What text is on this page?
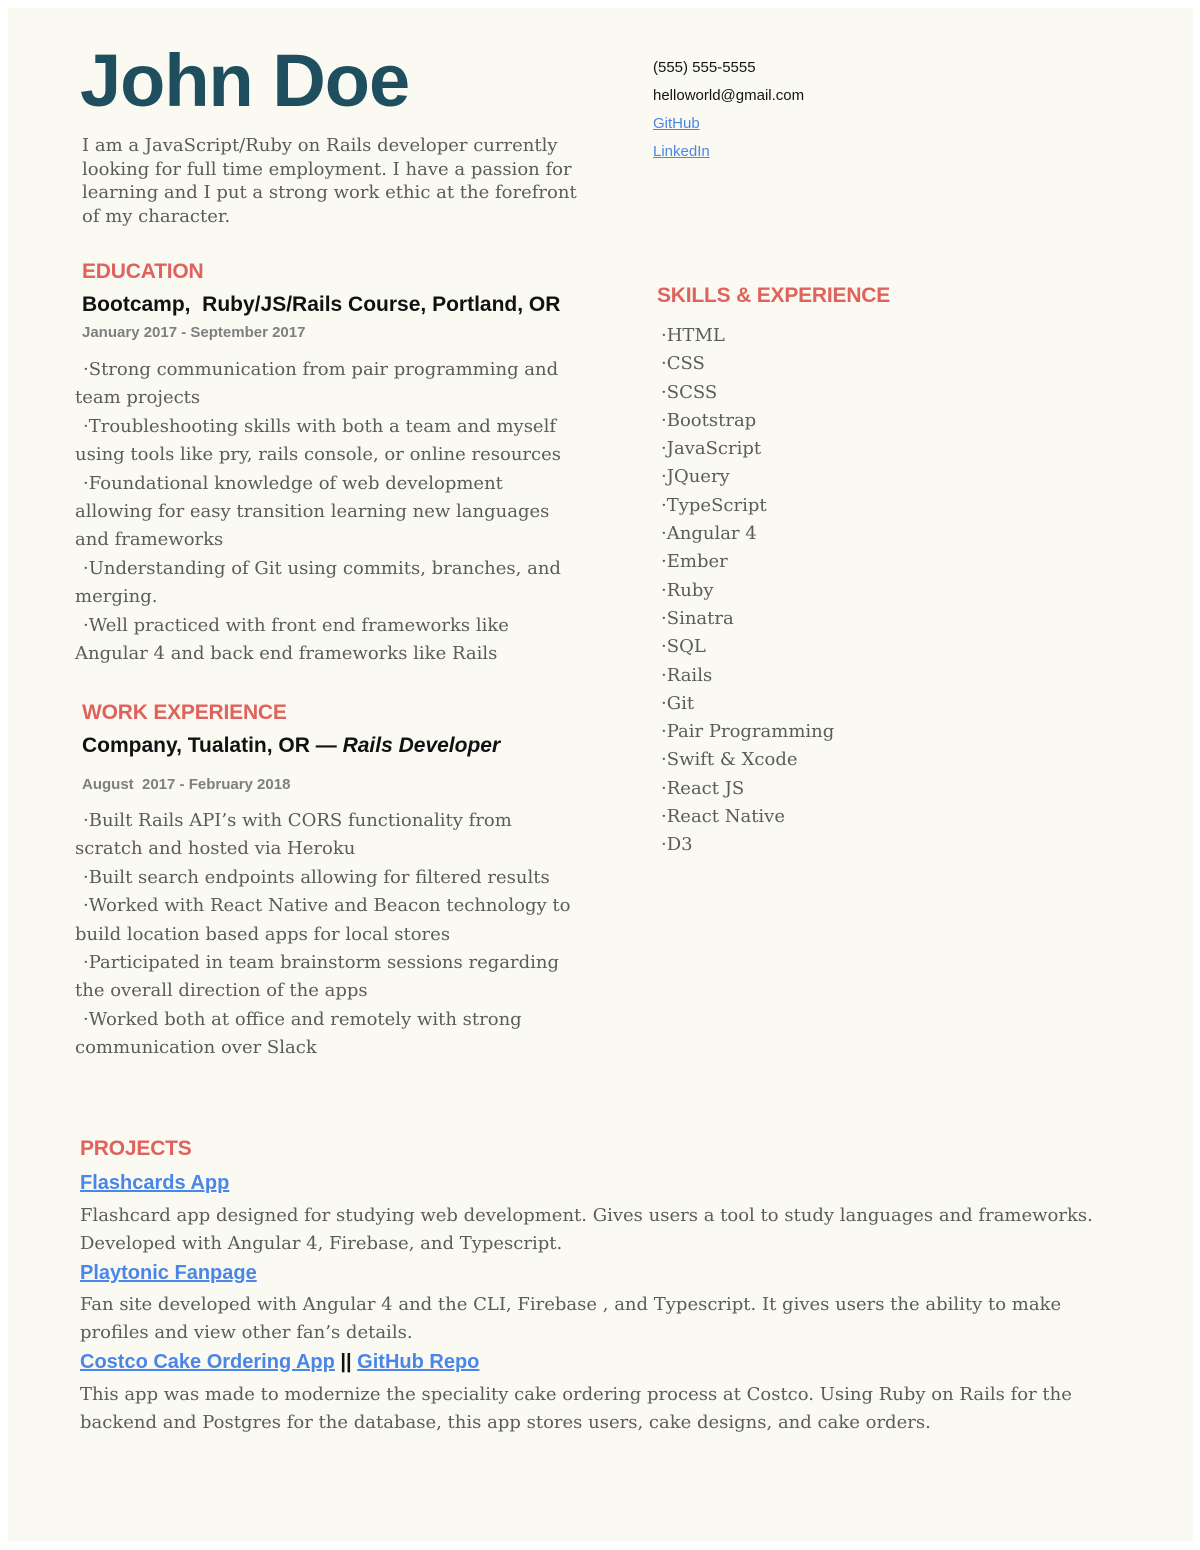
John Doe	(555) 555-5555
helloworld@gmail.com
GitHub
LinkedIn

I am a JavaScript/Ruby on Rails developer currently looking for full time employment. I have a passion for learning and I put a strong work ethic at the forefront of my character.

EDUCATION
Bootcamp,  Ruby/JS/Rails Course, Portland, OR
January 2017 - September 2017
· Strong communication from pair programming and team projects
· Troubleshooting skills with both a team and myself using tools like pry, rails console, or online resources
· Foundational knowledge of web development allowing for easy transition learning new languages and frameworks
· Understanding of Git using commits, branches, and merging.
· Well practiced with front end frameworks like Angular 4 and back end frameworks like Rails
WORK EXPERIENCE
Company, Tualatin, OR — Rails Developer
August  2017 - February 2018
· Built Rails API’s with CORS functionality from scratch and hosted via Heroku
· Built search endpoints allowing for filtered results
· Worked with React Native and Beacon technology to build location based apps for local stores
· Participated in team brainstorm sessions regarding the overall direction of the apps
· Worked both at office and remotely with strong communication over Slack
SKILLS & EXPERIENCE
· HTML
· CSS
· SCSS
· Bootstrap
· JavaScript
· JQuery
· TypeScript
· Angular 4
· Ember
· Ruby
· Sinatra
· SQL
· Rails
· Git
· Pair Programming
· Swift & Xcode
· React JS
· React Native
· D3
PROJECTS
Flashcards App

Flashcard app designed for studying web development. Gives users a tool to study languages and frameworks. Developed with Angular 4, Firebase, and Typescript.

Playtonic Fanpage

Fan site developed with Angular 4 and the CLI, Firebase , and Typescript. It gives users the ability to make profiles and view other fan’s details.

Costco Cake Ordering App || GitHub Repo

This app was made to modernize the speciality cake ordering process at Costco. Using Ruby on Rails for the backend and Postgres for the database, this app stores users, cake designs, and cake orders.
